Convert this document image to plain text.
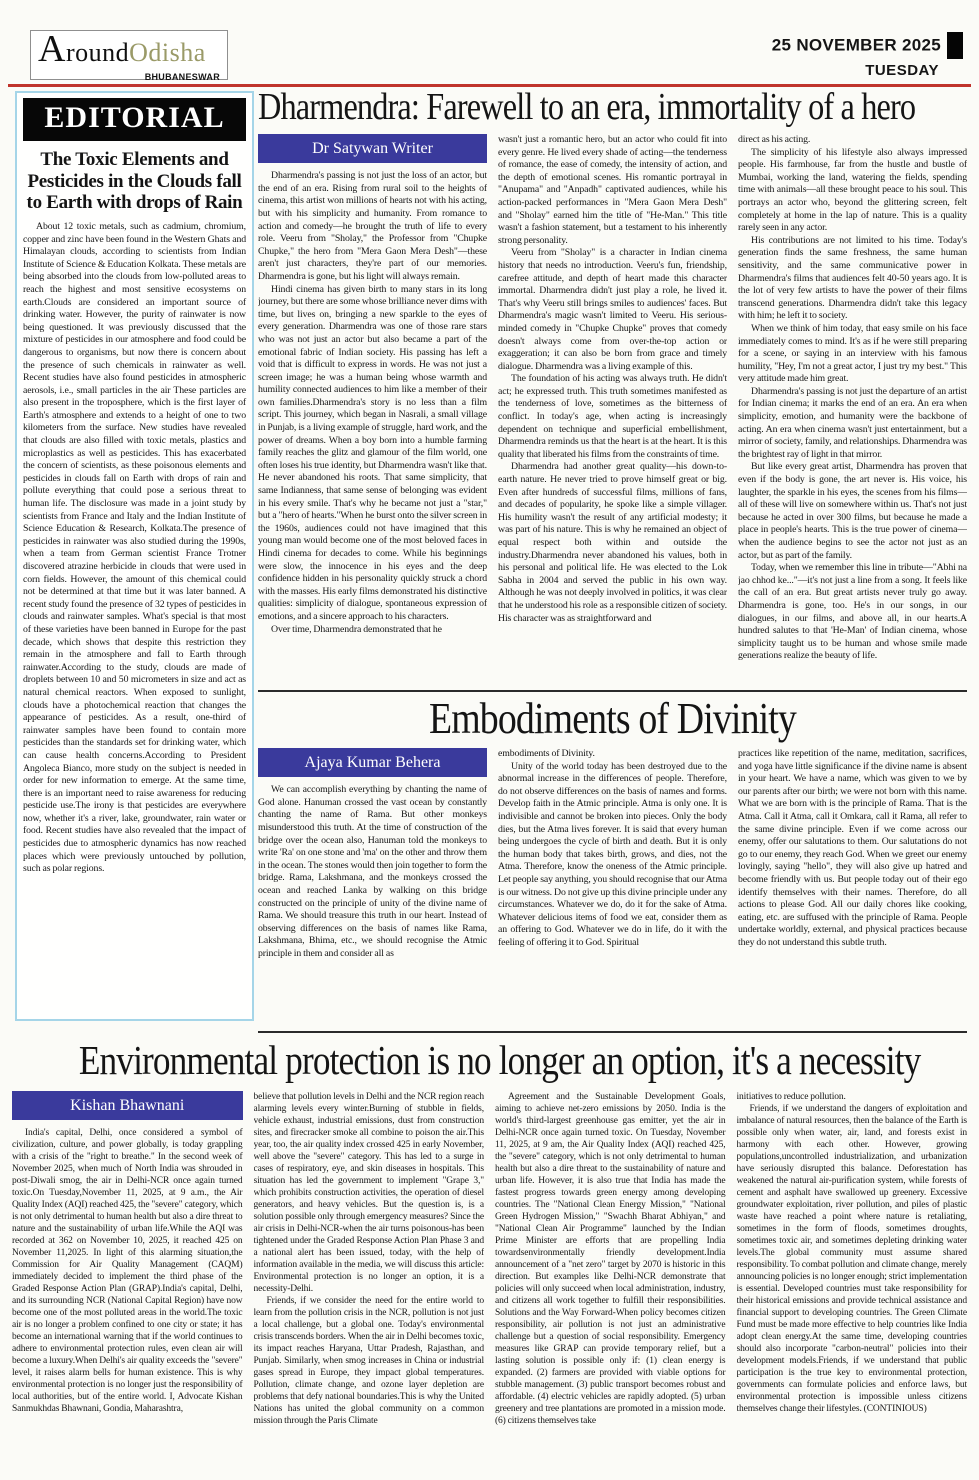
AroundOdisha
BHUBANESWAR
25 NOVEMBER 2025
TUESDAY
EDITORIAL
The Toxic Elements and Pesticides in the Clouds fall to Earth with drops of Rain

About 12 toxic metals, such as cadmium, chromium, copper and zinc have been found in the Western Ghats and Himalayan clouds, according to scientists from Indian Institute of Science & Education Kolkata. These metals are being absorbed into the clouds from low-polluted areas to reach the highest and most sensitive ecosystems on earth.Clouds are considered an important source of drinking water. However, the purity of rainwater is now being questioned. It was previously discussed that the mixture of pesticides in our atmosphere and food could be dangerous to organisms, but now there is concern about the presence of such chemicals in rainwater as well. Recent studies have also found pesticides in atmospheric aerosols, i.e., small particles in the air These particles are also present in the troposphere, which is the first layer of Earth's atmosphere and extends to a height of one to two kilometers from the surface. New studies have revealed that clouds are also filled with toxic metals, plastics and microplastics as well as pesticides. This has exacerbated the concern of scientists, as these poisonous elements and pesticides in clouds fall on Earth with drops of rain and pollute everything that could pose a serious threat to human life. The disclosure was made in a joint study by scientists from France and Italy and the Indian Institute of Science Education & Research, Kolkata.The presence of pesticides in rainwater was also studied during the 1990s, when a team from German scientist France Trotner discovered atrazine herbicide in clouds that were used in corn fields. However, the amount of this chemical could not be determined at that time but it was later banned. A recent study found the presence of 32 types of pesticides in clouds and rainwater samples. What's special is that most of these varieties have been banned in Europe for the past decade, which shows that despite this restriction they remain in the atmosphere and fall to Earth through rainwater.According to the study, clouds are made of droplets between 10 and 50 micrometers in size and act as natural chemical reactors. When exposed to sunlight, clouds have a photochemical reaction that changes the appearance of pesticides. As a result, one-third of rainwater samples have been found to contain more pesticides than the standards set for drinking water, which can cause health concerns.According to President Angoleca Bianco, more study on the subject is needed in order for new information to emerge. At the same time, there is an important need to raise awareness for reducing pesticide use.The irony is that pesticides are everywhere now, whether it's a river, lake, groundwater, rain water or food. Recent studies have also revealed that the impact of pesticides due to atmospheric dynamics has now reached places which were previously untouched by pollution, such as polar regions.

Dharmendra: Farewell to an era, immortality of a hero
Dr Satywan Writer

Dharmendra's passing is not just the loss of an actor, but the end of an era. Rising from rural soil to the heights of cinema, this artist won millions of hearts not with his acting, but with his simplicity and humanity. From romance to action and comedy—he brought the truth of life to every role. Veeru from "Sholay," the Professor from "Chupke Chupke," the hero from "Mera Gaon Mera Desh"—these aren't just characters, they're part of our memories. Dharmendra is gone, but his light will always remain.

Hindi cinema has given birth to many stars in its long journey, but there are some whose brilliance never dims with time, but lives on, bringing a new sparkle to the eyes of every generation. Dharmendra was one of those rare stars who was not just an actor but also became a part of the emotional fabric of Indian society. His passing has left a void that is difficult to express in words. He was not just a screen image; he was a human being whose warmth and humility connected audiences to him like a member of their own families.Dharmendra's story is no less than a film script. This journey, which began in Nasrali, a small village in Punjab, is a living example of struggle, hard work, and the power of dreams. When a boy born into a humble farming family reaches the glitz and glamour of the film world, one often loses his true identity, but Dharmendra wasn't like that. He never abandoned his roots. That same simplicity, that same Indianness, that same sense of belonging was evident in his every smile. That's why he became not just a "star," but a "hero of hearts."When he burst onto the silver screen in the 1960s, audiences could not have imagined that this young man would become one of the most beloved faces in Hindi cinema for decades to come. While his beginnings were slow, the innocence in his eyes and the deep confidence hidden in his personality quickly struck a chord with the masses. His early films demonstrated his distinctive qualities: simplicity of dialogue, spontaneous expression of emotions, and a sincere approach to his characters.

Over time, Dharmendra demonstrated that he

wasn't just a romantic hero, but an actor who could fit into every genre. He lived every shade of acting—the tenderness of romance, the ease of comedy, the intensity of action, and the depth of emotional scenes. His romantic portrayal in "Anupama" and "Anpadh" captivated audiences, while his action-packed performances in "Mera Gaon Mera Desh" and "Sholay" earned him the title of "He-Man." This title wasn't a fashion statement, but a testament to his inherently strong personality.

Veeru from "Sholay" is a character in Indian cinema history that needs no introduction. Veeru's fun, friendship, carefree attitude, and depth of heart made this character immortal. Dharmendra didn't just play a role, he lived it. That's why Veeru still brings smiles to audiences' faces. But Dharmendra's magic wasn't limited to Veeru. His serious-minded comedy in "Chupke Chupke" proves that comedy doesn't always come from over-the-top action or exaggeration; it can also be born from grace and timely dialogue. Dharmendra was a living example of this.

The foundation of his acting was always truth. He didn't act; he expressed truth. This truth sometimes manifested as the tenderness of love, sometimes as the bitterness of conflict. In today's age, when acting is increasingly dependent on technique and superficial embellishment, Dharmendra reminds us that the heart is at the heart. It is this quality that liberated his films from the constraints of time.

Dharmendra had another great quality—his down-to-earth nature. He never tried to prove himself great or big. Even after hundreds of successful films, millions of fans, and decades of popularity, he spoke like a simple villager. His humility wasn't the result of any artificial modesty; it was part of his nature. This is why he remained an object of equal respect both within and outside the industry.Dharmendra never abandoned his values, both in his personal and political life. He was elected to the Lok Sabha in 2004 and served the public in his own way. Although he was not deeply involved in politics, it was clear that he understood his role as a responsible citizen of society. His character was as straightforward and

direct as his acting.

The simplicity of his lifestyle also always impressed people. His farmhouse, far from the hustle and bustle of Mumbai, working the land, watering the fields, spending time with animals—all these brought peace to his soul. This portrays an actor who, beyond the glittering screen, felt completely at home in the lap of nature. This is a quality rarely seen in any actor.

His contributions are not limited to his time. Today's generation finds the same freshness, the same human sensitivity, and the same communicative power in Dharmendra's films that audiences felt 40-50 years ago. It is the lot of very few artists to have the power of their films transcend generations. Dharmendra didn't take this legacy with him; he left it to society.

When we think of him today, that easy smile on his face immediately comes to mind. It's as if he were still preparing for a scene, or saying in an interview with his famous humility, "Hey, I'm not a great actor, I just try my best." This very attitude made him great.

Dharmendra's passing is not just the departure of an artist for Indian cinema; it marks the end of an era. An era when simplicity, emotion, and humanity were the backbone of acting. An era when cinema wasn't just entertainment, but a mirror of society, family, and relationships. Dharmendra was the brightest ray of light in that mirror.

But like every great artist, Dharmendra has proven that even if the body is gone, the art never is. His voice, his laughter, the sparkle in his eyes, the scenes from his films—all of these will live on somewhere within us. That's not just because he acted in over 300 films, but because he made a place in people's hearts. This is the true power of cinema—when the audience begins to see the actor not just as an actor, but as part of the family.

Today, when we remember this line in tribute—"Abhi na jao chhod ke..."—it's not just a line from a song. It feels like the call of an era. But great artists never truly go away. Dharmendra is gone, too. He's in our songs, in our dialogues, in our films, and above all, in our hearts.A hundred salutes to that 'He-Man' of Indian cinema, whose simplicity taught us to be human and whose smile made generations realize the beauty of life.

Embodiments of Divinity
Ajaya Kumar Behera

We can accomplish everything by chanting the name of God alone. Hanuman crossed the vast ocean by constantly chanting the name of Rama. But other monkeys misunderstood this truth. At the time of construction of the bridge over the ocean also, Hanuman told the monkeys to write 'Ra' on one stone and 'ma' on the other and throw them in the ocean. The stones would then join together to form the bridge. Rama, Lakshmana, and the monkeys crossed the ocean and reached Lanka by walking on this bridge constructed on the principle of unity of the divine name of Rama. We should treasure this truth in our heart. Instead of observing differences on the basis of names like Rama, Lakshmana, Bhima, etc., we should recognise the Atmic principle in them and consider all as

embodiments of Divinity.

Unity of the world today has been destroyed due to the abnormal increase in the differences of people. Therefore, do not observe differences on the basis of names and forms. Develop faith in the Atmic principle. Atma is only one. It is indivisible and cannot be broken into pieces. Only the body dies, but the Atma lives forever. It is said that every human being undergoes the cycle of birth and death. But it is only the human body that takes birth, grows, and dies, not the Atma. Therefore, know the oneness of the Atmic principle. Let people say anything, you should recognise that our Atma is our witness. Do not give up this divine principle under any circumstances. Whatever we do, do it for the sake of Atma. Whatever delicious items of food we eat, consider them as an offering to God. Whatever we do in life, do it with the feeling of offering it to God. Spiritual

practices like repetition of the name, meditation, sacrifices, and yoga have little significance if the divine name is absent in your heart. We have a name, which was given to we by our parents after our birth; we were not born with this name. What we are born with is the principle of Rama. That is the Atma. Call it Atma, call it Omkara, call it Rama, all refer to the same divine principle. Even if we come across our enemy, offer our salutations to them. Our salutations do not go to our enemy, they reach God. When we greet our enemy lovingly, saying "hello", they will also give up hatred and become friendly with us. But people today out of their ego identify themselves with their names. Therefore, do all actions to please God. All our daily chores like cooking, eating, etc. are suffused with the principle of Rama. People undertake worldly, external, and physical practices because they do not understand this subtle truth.

Environmental protection is no longer an option, it's a necessity
Kishan Bhawnani

India's capital, Delhi, once considered a symbol of civilization, culture, and power globally, is today grappling with a crisis of the "right to breathe." In the second week of November 2025, when much of North India was shrouded in post-Diwali smog, the air in Delhi-NCR once again turned toxic.On Tuesday,November 11, 2025, at 9 a.m., the Air Quality Index (AQI) reached 425, the "severe" category, which is not only detrimental to human health but also a dire threat to nature and the sustainability of urban life.While the AQI was recorded at 362 on November 10, 2025, it reached 425 on November 11,2025. In light of this alarming situation,the Commission for Air Quality Management (CAQM) immediately decided to implement the third phase of the Graded Response Action Plan (GRAP).India's capital, Delhi, and its surrounding NCR (National Capital Region) have now become one of the most polluted areas in the world.The toxic air is no longer a problem confined to one city or state; it has become an international warning that if the world continues to adhere to environmental protection rules, even clean air will become a luxury.When Delhi's air quality exceeds the "severe" level, it raises alarm bells for human existence. This is why environmental protection is no longer just the responsibility of local authorities, but of the entire world. I, Advocate Kishan Sanmukhdas Bhawnani, Gondia, Maharashtra,

believe that pollution levels in Delhi and the NCR region reach alarming levels every winter.Burning of stubble in fields, vehicle exhaust, industrial emissions, dust from construction sites, and firecracker smoke all combine to poison the air.This year, too, the air quality index crossed 425 in early November, well above the "severe" category. This has led to a surge in cases of respiratory, eye, and skin diseases in hospitals. This situation has led the government to implement "Grape 3," which prohibits construction activities, the operation of diesel generators, and heavy vehicles. But the question is, is a solution possible only through emergency measures? Since the air crisis in Delhi-NCR-when the air turns poisonous-has been tightened under the Graded Response Action Plan Phase 3 and a national alert has been issued, today, with the help of information available in the media, we will discuss this article: Environmental protection is no longer an option, it is a necessity-Delhi.

Friends, if we consider the need for the entire world to learn from the pollution crisis in the NCR, pollution is not just a local challenge, but a global one. Today's environmental crisis transcends borders. When the air in Delhi becomes toxic, its impact reaches Haryana, Uttar Pradesh, Rajasthan, and Punjab. Similarly, when smog increases in China or industrial gases spread in Europe, they impact global temperatures. Pollution, climate change, and ozone layer depletion are problems that defy national boundaries.This is why the United Nations has united the global community on a common mission through the Paris Climate

Agreement and the Sustainable Development Goals, aiming to achieve net-zero emissions by 2050. India is the world's third-largest greenhouse gas emitter, yet the air in Delhi-NCR once again turned toxic. On Tuesday, November 11, 2025, at 9 am, the Air Quality Index (AQI) reached 425, the "severe" category, which is not only detrimental to human health but also a dire threat to the sustainability of nature and urban life. However, it is also true that India has made the fastest progress towards green energy among developing countries. The "National Clean Energy Mission," "National Green Hydrogen Mission," "Swachh Bharat Abhiyan," and "National Clean Air Programme" launched by the Indian Prime Minister are efforts that are propelling India towardsenvironmentally friendly development.India announcement of a "net zero" target by 2070 is historic in this direction. But examples like Delhi-NCR demonstrate that policies will only succeed when local administration, industry, and citizens all work together to fulfill their responsibilities. Solutions and the Way Forward-When policy becomes citizen responsibility, air pollution is not just an administrative challenge but a question of social responsibility. Emergency measures like GRAP can provide temporary relief, but a lasting solution is possible only if: (1) clean energy is expanded. (2) farmers are provided with viable options for stubble management. (3) public transport becomes robust and affordable. (4) electric vehicles are rapidly adopted. (5) urban greenery and tree plantations are promoted in a mission mode. (6) citizens themselves take

initiatives to reduce pollution.

Friends, if we understand the dangers of exploitation and imbalance of natural resources, then the balance of the Earth is possible only when water, air, land, and forests exist in harmony with each other. However, growing populations,uncontrolled industrialization, and urbanization have seriously disrupted this balance. Deforestation has weakened the natural air-purification system, while forests of cement and asphalt have swallowed up greenery. Excessive groundwater exploitation, river pollution, and piles of plastic waste have reached a point where nature is retaliating, sometimes in the form of floods, sometimes droughts, sometimes toxic air, and sometimes depleting drinking water levels.The global community must assume shared responsibility. To combat pollution and climate change, merely announcing policies is no longer enough; strict implementation is essential. Developed countries must take responsibility for their historical emissions and provide technical assistance and financial support to developing countries. The Green Climate Fund must be made more effective to help countries like India adopt clean energy.At the same time, developing countries should also incorporate "carbon-neutral" policies into their development models.Friends, if we understand that public participation is the true key to environmental protection, governments can formulate policies and enforce laws, but environmental protection is impossible unless citizens themselves change their lifestyles. (CONTINIOUS)
